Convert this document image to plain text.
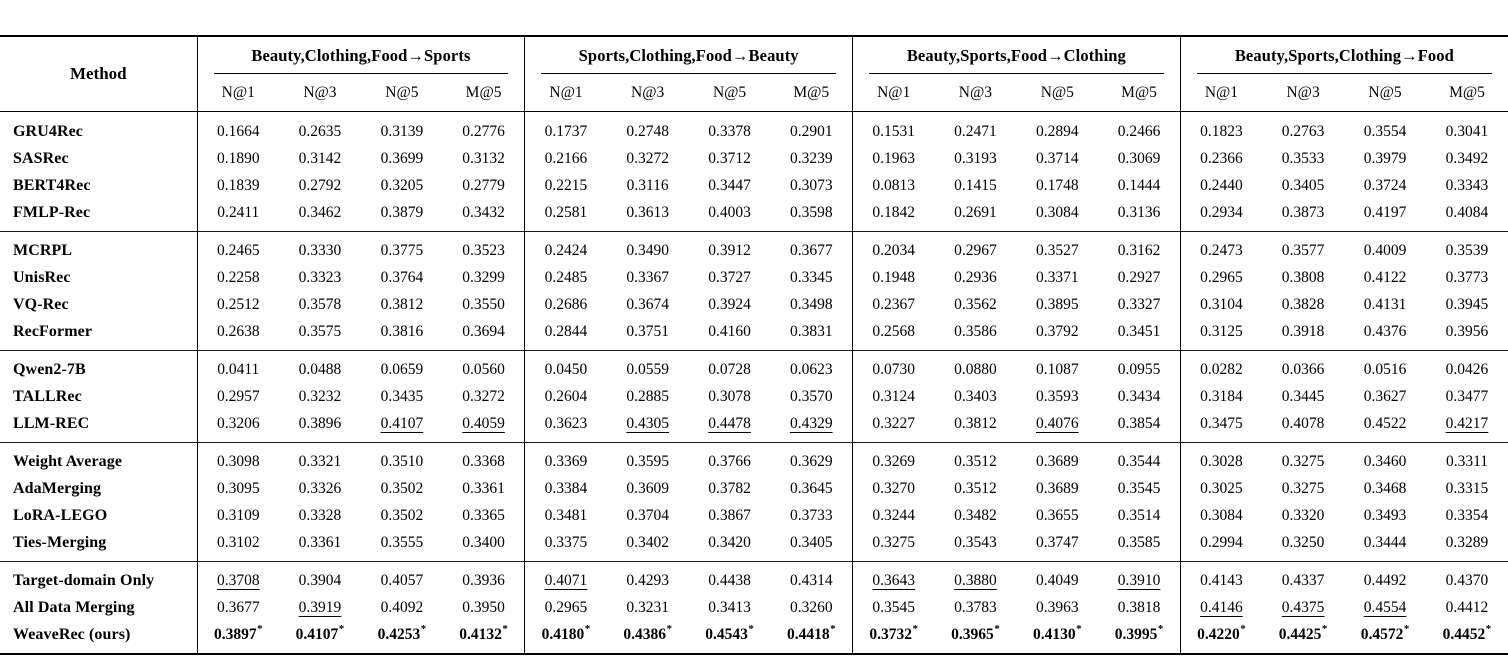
Method	Beauty,Clothing,Food→Sports				Sports,Clothing,Food→Beauty				Beauty,Sports,Food→Clothing				Beauty,Sports,Clothing→Food			

	N@1	N@3	N@5	M@5	N@1	N@3	N@5	M@5	N@1	N@3	N@5	M@5	N@1	N@3	N@5	M@5
GRU4Rec	0.1664	0.2635	0.3139	0.2776	0.1737	0.2748	0.3378	0.2901	0.1531	0.2471	0.2894	0.2466	0.1823	0.2763	0.3554	0.3041
SASRec	0.1890	0.3142	0.3699	0.3132	0.2166	0.3272	0.3712	0.3239	0.1963	0.3193	0.3714	0.3069	0.2366	0.3533	0.3979	0.3492
BERT4Rec	0.1839	0.2792	0.3205	0.2779	0.2215	0.3116	0.3447	0.3073	0.0813	0.1415	0.1748	0.1444	0.2440	0.3405	0.3724	0.3343
FMLP-Rec	0.2411	0.3462	0.3879	0.3432	0.2581	0.3613	0.4003	0.3598	0.1842	0.2691	0.3084	0.3136	0.2934	0.3873	0.4197	0.4084
MCRPL	0.2465	0.3330	0.3775	0.3523	0.2424	0.3490	0.3912	0.3677	0.2034	0.2967	0.3527	0.3162	0.2473	0.3577	0.4009	0.3539
UnisRec	0.2258	0.3323	0.3764	0.3299	0.2485	0.3367	0.3727	0.3345	0.1948	0.2936	0.3371	0.2927	0.2965	0.3808	0.4122	0.3773
VQ-Rec	0.2512	0.3578	0.3812	0.3550	0.2686	0.3674	0.3924	0.3498	0.2367	0.3562	0.3895	0.3327	0.3104	0.3828	0.4131	0.3945
RecFormer	0.2638	0.3575	0.3816	0.3694	0.2844	0.3751	0.4160	0.3831	0.2568	0.3586	0.3792	0.3451	0.3125	0.3918	0.4376	0.3956
Qwen2-7B	0.0411	0.0488	0.0659	0.0560	0.0450	0.0559	0.0728	0.0623	0.0730	0.0880	0.1087	0.0955	0.0282	0.0366	0.0516	0.0426
TALLRec	0.2957	0.3232	0.3435	0.3272	0.2604	0.2885	0.3078	0.3570	0.3124	0.3403	0.3593	0.3434	0.3184	0.3445	0.3627	0.3477
LLM-REC	0.3206	0.3896	0.4107	0.4059	0.3623	0.4305	0.4478	0.4329	0.3227	0.3812	0.4076	0.3854	0.3475	0.4078	0.4522	0.4217
Weight Average	0.3098	0.3321	0.3510	0.3368	0.3369	0.3595	0.3766	0.3629	0.3269	0.3512	0.3689	0.3544	0.3028	0.3275	0.3460	0.3311
AdaMerging	0.3095	0.3326	0.3502	0.3361	0.3384	0.3609	0.3782	0.3645	0.3270	0.3512	0.3689	0.3545	0.3025	0.3275	0.3468	0.3315
LoRA-LEGO	0.3109	0.3328	0.3502	0.3365	0.3481	0.3704	0.3867	0.3733	0.3244	0.3482	0.3655	0.3514	0.3084	0.3320	0.3493	0.3354
Ties-Merging	0.3102	0.3361	0.3555	0.3400	0.3375	0.3402	0.3420	0.3405	0.3275	0.3543	0.3747	0.3585	0.2994	0.3250	0.3444	0.3289
Target-domain Only	0.3708	0.3904	0.4057	0.3936	0.4071	0.4293	0.4438	0.4314	0.3643	0.3880	0.4049	0.3910	0.4143	0.4337	0.4492	0.4370
All Data Merging	0.3677	0.3919	0.4092	0.3950	0.2965	0.3231	0.3413	0.3260	0.3545	0.3783	0.3963	0.3818	0.4146	0.4375	0.4554	0.4412
WeaveRec (ours)	0.3897*	0.4107*	0.4253*	0.4132*	0.4180*	0.4386*	0.4543*	0.4418*	0.3732*	0.3965*	0.4130*	0.3995*	0.4220*	0.4425*	0.4572*	0.4452*
